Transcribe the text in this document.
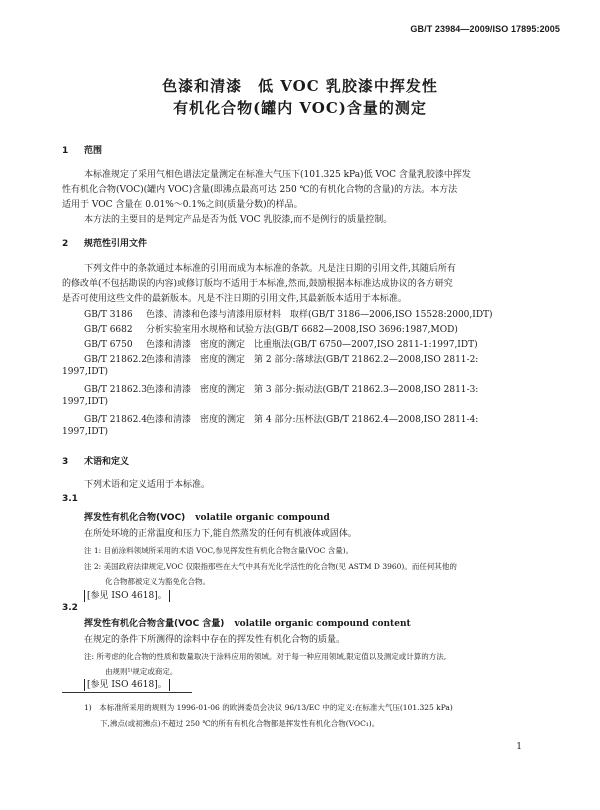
GB/T 23984—2009/ISO 17895:2005
色漆和清漆　低 VOC 乳胶漆中挥发性
有机化合物(罐内 VOC)含量的测定
1 范围
本标准规定了采用气相色谱法定量测定在标准大气压下(101.325 kPa)低 VOC 含量乳胶漆中挥发
性有机化合物(VOC)(罐内 VOC)含量(即沸点最高可达 250 ℃的有机化合物的含量)的方法。本方法
适用于 VOC 含量在 0.01%～0.1%之间(质量分数)的样品。
本方法的主要目的是判定产品是否为低 VOC 乳胶漆,而不是例行的质量控制。
2 规范性引用文件
下列文件中的条款通过本标准的引用而成为本标准的条款。凡是注日期的引用文件,其随后所有
的修改单(不包括勘误的内容)或修订版均不适用于本标准,然而,鼓励根据本标准达成协议的各方研究
是否可使用这些文件的最新版本。凡是不注日期的引用文件,其最新版本适用于本标准。
GB/T 3186 色漆、清漆和色漆与清漆用原材料　取样(GB/T 3186—2006,ISO 15528:2000,IDT)
GB/T 6682 分析实验室用水规格和试验方法(GB/T 6682—2008,ISO 3696:1987,MOD)
GB/T 6750 色漆和清漆　密度的测定　比重瓶法(GB/T 6750—2007,ISO 2811-1:1997,IDT)
GB/T 21862.2色漆和清漆　密度的测定　第 2 部分:落球法(GB/T 21862.2—2008,ISO 2811-2:
1997,IDT)
GB/T 21862.3色漆和清漆　密度的测定　第 3 部分:振动法(GB/T 21862.3—2008,ISO 2811-3:
1997,IDT)
GB/T 21862.4色漆和清漆　密度的测定　第 4 部分:压杯法(GB/T 21862.4—2008,ISO 2811-4:
1997,IDT)
3 术语和定义
下列术语和定义适用于本标准。
3.1
挥发性有机化合物(VOC) volatile organic compound
在所处环境的正常温度和压力下,能自然蒸发的任何有机液体或固体。
注 1: 目前涂料领域所采用的术语 VOC,参见挥发性有机化合物含量(VOC 含量)。
注 2: 美国政府法律规定,VOC 仅限指那些在大气中具有光化学活性的化合物(见 ASTM D 3960)。而任何其他的
化合物都被定义为豁免化合物。
[参见 ISO 4618]。
3.2
挥发性有机化合物含量(VOC 含量) volatile organic compound content
在规定的条件下所测得的涂料中存在的挥发性有机化合物的质量。
注: 所考虑的化合物的性质和数量取决于涂料应用的领域。对于每一种应用领域,限定值以及测定或计算的方法,
由规则¹⁾规定或商定。
[参见 ISO 4618]。
1)　本标准所采用的规则为 1996-01-06 的欧洲委员会决议 96/13/EC 中的定义:在标准大气压(101.325 kPa)
下,沸点(或初沸点)不超过 250 ℃的所有有机化合物都是挥发性有机化合物(VOC₁)。
1
